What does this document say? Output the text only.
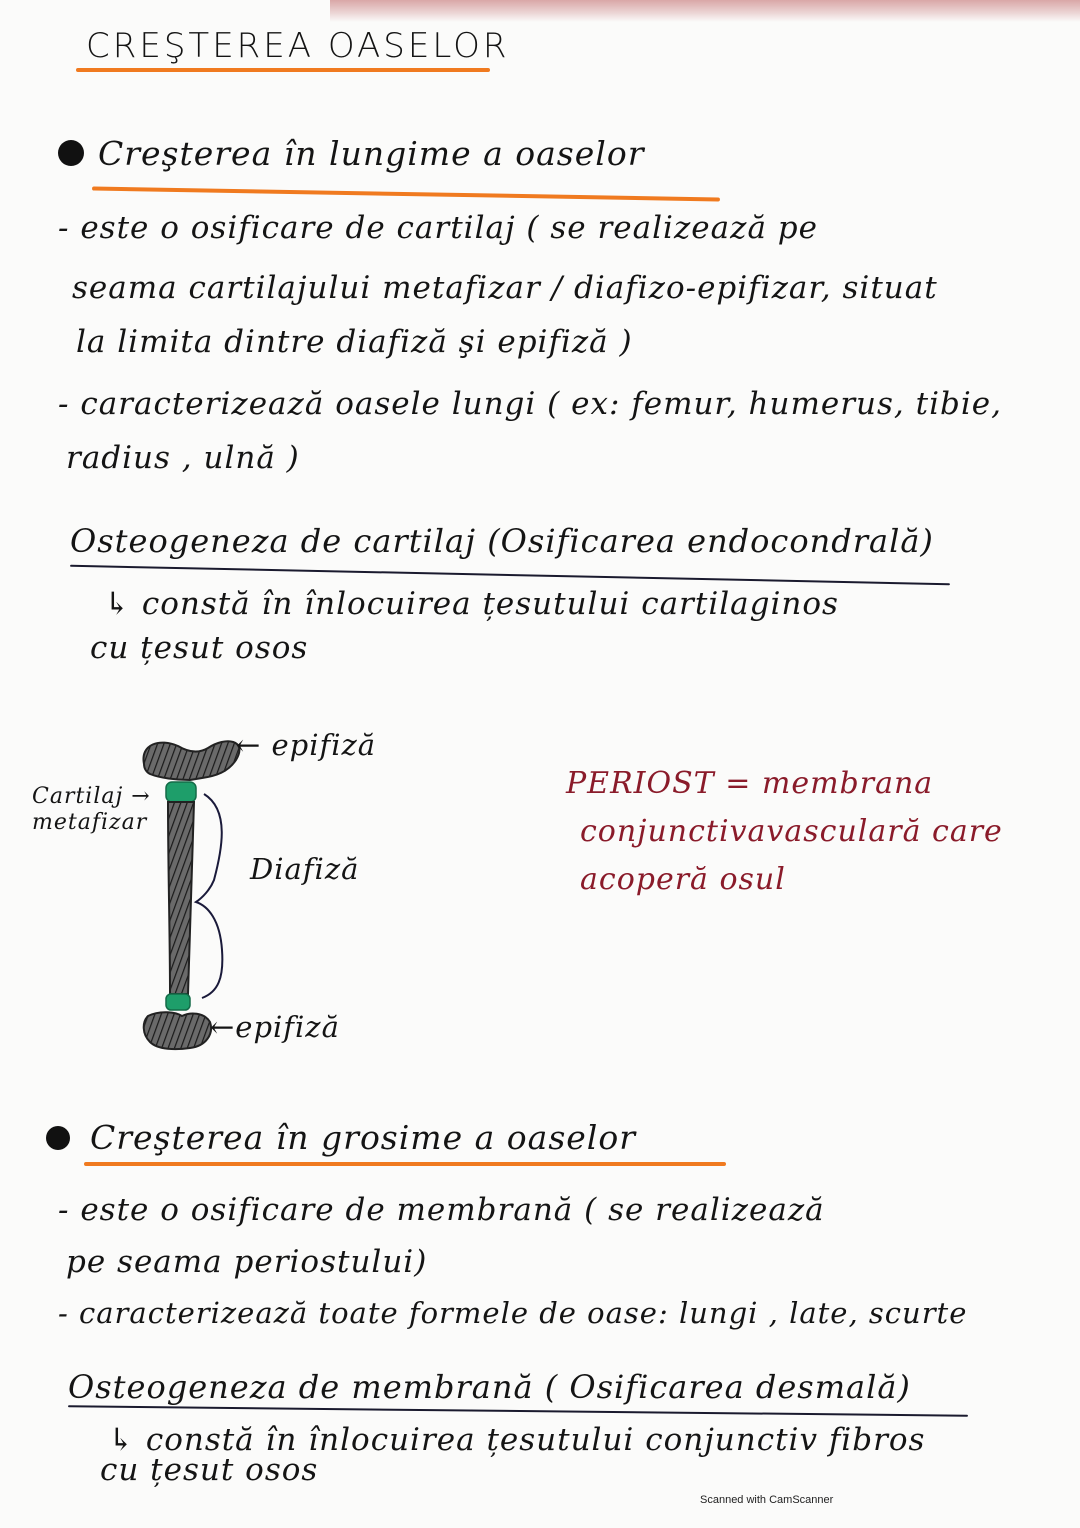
CREŞTEREA OASELOR
Creşterea în lungime a oaselor
- este o osificare de cartilaj ( se realizează pe
seama cartilajului metafizar / diafizo-epifizar, situat
la limita dintre diafiză şi epifiză )
- caracterizează oasele lungi ( ex: femur, humerus, tibie,
radius , ulnă )
Osteogeneza de cartilaj (Osificarea endocondrală)
↳ constă în înlocuirea țesutului cartilaginos
cu țesut osos
← epifiză
Cartilaj →
metafizar
Diafiză
←epifiză
PERIOST = membrana
conjunctivavasculară care
acoperă osul
Creşterea în grosime a oaselor
- este o osificare de membrană ( se realizează
pe seama periostului)
- caracterizează toate formele de oase: lungi , late, scurte
Osteogeneza de membrană ( Osificarea desmală)
↳ constă în înlocuirea țesutului conjunctiv fibros
cu țesut osos
Scanned with CamScanner
